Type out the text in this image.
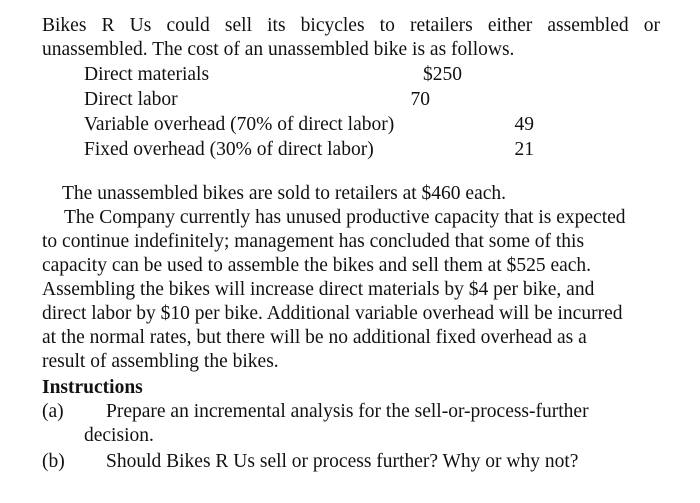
Bikes R Us could sell its bicycles to retailers either assembled or
unassembled. The cost of an unassembled bike is as follows.
Direct materials	$250
Direct labor	70
Variable overhead (70% of direct labor)	49
Fixed overhead (30% of direct labor)	21
The unassembled bikes are sold to retailers at $460 each.
The Company currently has unused productive capacity that is expected
to continue indefinitely; management has concluded that some of this
capacity can be used to assemble the bikes and sell them at $525 each.
Assembling the bikes will increase direct materials by $4 per bike, and
direct labor by $10 per bike. Additional variable overhead will be incurred
at the normal rates, but there will be no additional fixed overhead as a
result of assembling the bikes.
Instructions
(a) Prepare an incremental analysis for the sell-or-process-further
decision.
(b) Should Bikes R Us sell or process further? Why or why not?
